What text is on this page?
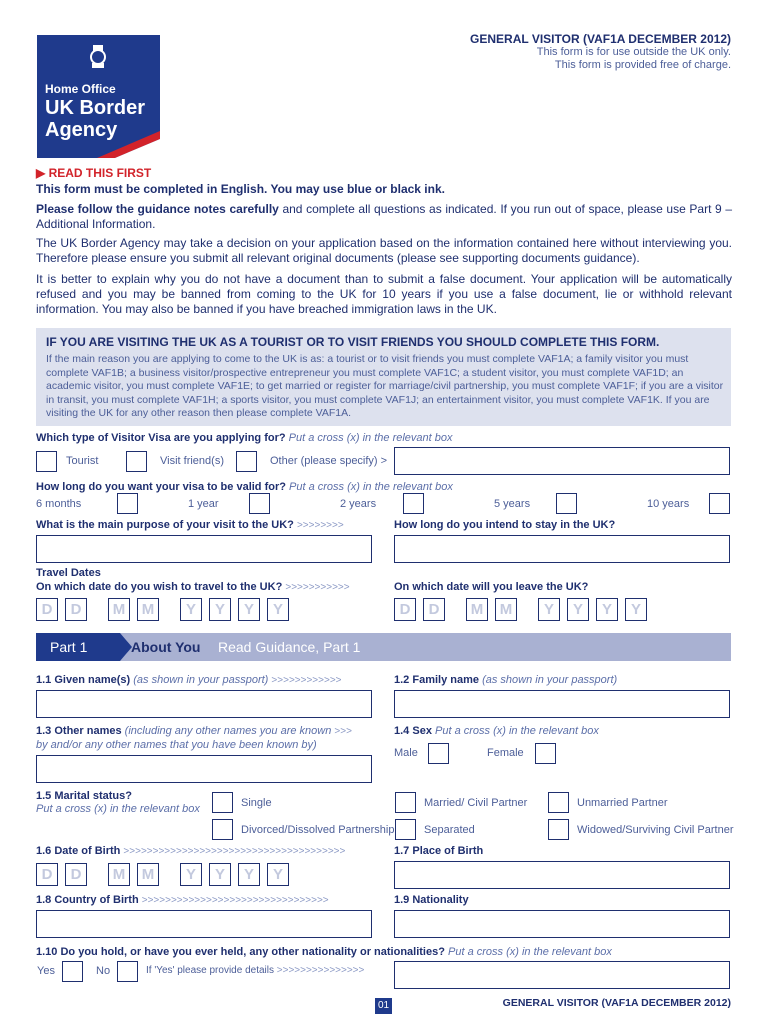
Home Office
UK Border
Agency
GENERAL VISITOR (VAF1A DECEMBER 2012)
This form is for use outside the UK only.
This form is provided free of charge.
▶ READ THIS FIRST
This form must be completed in English. You may use blue or black ink.
Please follow the guidance notes carefully and complete all questions as indicated. If you run out of space, please use Part 9 – Additional Information.
The UK Border Agency may take a decision on your application based on the information contained here without interviewing you. Therefore please ensure you submit all relevant original documents (please see supporting documents guidance).
It is better to explain why you do not have a document than to submit a false document. Your application will be automatically refused and you may be banned from coming to the UK for 10 years if you use a false document, lie or withhold relevant information. You may also be banned if you have breached immigration laws in the UK.
IF YOU ARE VISITING THE UK AS A TOURIST OR TO VISIT FRIENDS YOU SHOULD COMPLETE THIS FORM.
If the main reason you are applying to come to the UK is as: a tourist or to visit friends you must complete VAF1A; a family visitor you must complete VAF1B; a business visitor/prospective entrepreneur you must complete VAF1C; a student visitor, you must complete VAF1D; an academic visitor, you must complete VAF1E; to get married or register for marriage/civil partnership, you must complete VAF1F; if you are a visitor in transit, you must complete VAF1H; a sports visitor, you must complete VAF1J; an entertainment visitor, you must complete VAF1K. If you are visiting the UK for any other reason then please complete VAF1A.
Which type of Visitor Visa are you applying for? Put a cross (x) in the relevant box
Tourist	Visit friend(s)	Other (please specify) >
How long do you want your visa to be valid for? Put a cross (x) in the relevant box
6 months	1 year	2 years	5 years	10 years
What is the main purpose of your visit to the UK? >>>>>>>>	How long do you intend to stay in the UK?
Travel Dates
On which date do you wish to travel to the UK? >>>>>>>>>>>	On which date will you leave the UK?
D	D	M	M	Y	Y	Y	Y	D	D	M	M	Y	Y	Y	Y
Part 1	About You Read Guidance, Part 1
1.1 Given name(s) (as shown in your passport) >>>>>>>>>>>>	1.2 Family name (as shown in your passport)
1.3 Other names (including any other names you are known >>>
by and/or any other names that you have been known by)
1.4 Sex Put a cross (x) in the relevant box
Male	Female
1.5 Marital status?
Put a cross (x) in the relevant box	Single	Married/ Civil Partner	Unmarried Partner
Divorced/Dissolved Partnership	Separated	Widowed/Surviving Civil Partner
1.6 Date of Birth >>>>>>>>>>>>>>>>>>>>>>>>>>>>>>>>>>>>>>	1.7 Place of Birth
D	D	M	M	Y	Y	Y	Y
1.8 Country of Birth >>>>>>>>>>>>>>>>>>>>>>>>>>>>>>>>	1.9 Nationality
1.10 Do you hold, or have you ever held, any other nationality or nationalities? Put a cross (x) in the relevant box
Yes	No	If 'Yes' please provide details >>>>>>>>>>>>>>>
01	GENERAL VISITOR (VAF1A DECEMBER 2012)
